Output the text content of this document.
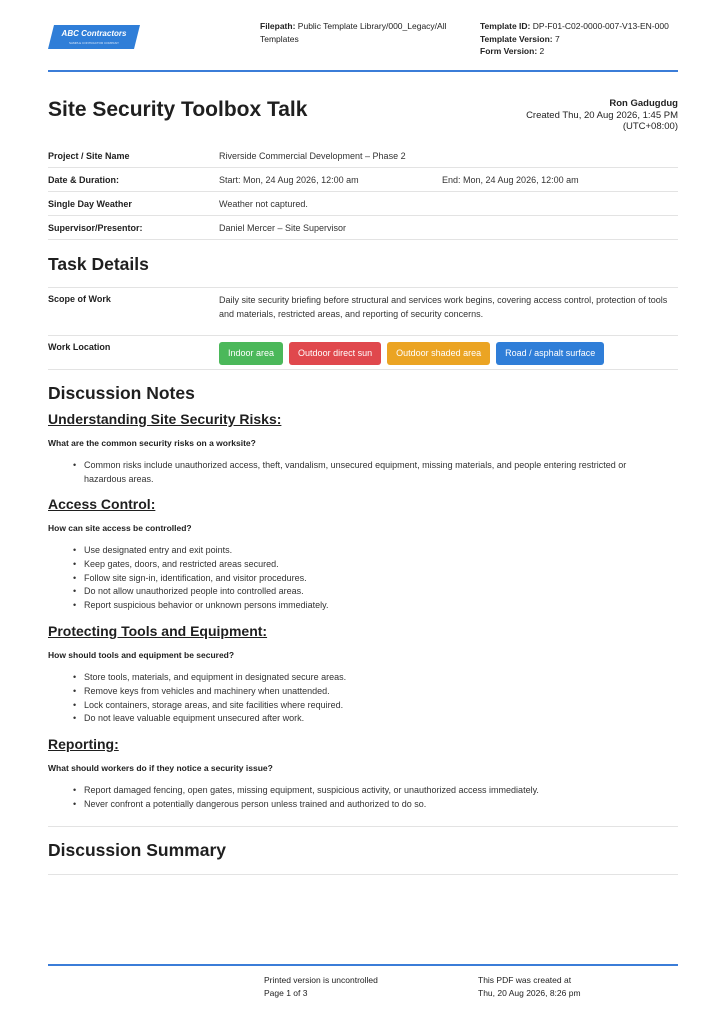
ABC Contractors
SAMPLE CONTRACTOR COMPANY
Filepath: Public Template Library/000_Legacy/All Templates
Template ID: DP-F01-C02-0000-007-V13-EN-000
Template Version: 7
Form Version: 2
Site Security Toolbox Talk	Ron Gadugdug
Created Thu, 20 Aug 2026, 1:45 PM
(UTC+08:00)
Project / Site Name	Riverside Commercial Development – Phase 2
Date & Duration:	Start: Mon, 24 Aug 2026, 12:00 am	End: Mon, 24 Aug 2026, 12:00 am
Single Day Weather	Weather not captured.
Supervisor/Presentor:	Daniel Mercer – Site Supervisor
Task Details
Scope of Work	Daily site security briefing before structural and services work begins, covering access control, protection of tools and materials, restricted areas, and reporting of security concerns.
Work Location
Indoor area	Outdoor direct sun	Outdoor shaded area	Road / asphalt surface
Discussion Notes
Understanding Site Security Risks:
What are the common security risks on a worksite?
• Common risks include unauthorized access, theft, vandalism, unsecured equipment, missing materials, and people entering restricted or hazardous areas.
Access Control:
How can site access be controlled?
• Use designated entry and exit points.
• Keep gates, doors, and restricted areas secured.
• Follow site sign-in, identification, and visitor procedures.
• Do not allow unauthorized people into controlled areas.
• Report suspicious behavior or unknown persons immediately.
Protecting Tools and Equipment:
How should tools and equipment be secured?
• Store tools, materials, and equipment in designated secure areas.
• Remove keys from vehicles and machinery when unattended.
• Lock containers, storage areas, and site facilities where required.
• Do not leave valuable equipment unsecured after work.
Reporting:
What should workers do if they notice a security issue?
• Report damaged fencing, open gates, missing equipment, suspicious activity, or unauthorized access immediately.
• Never confront a potentially dangerous person unless trained and authorized to do so.
Discussion Summary
Printed version is uncontrolled
Page 1 of 3
This PDF was created at
Thu, 20 Aug 2026, 8:26 pm
